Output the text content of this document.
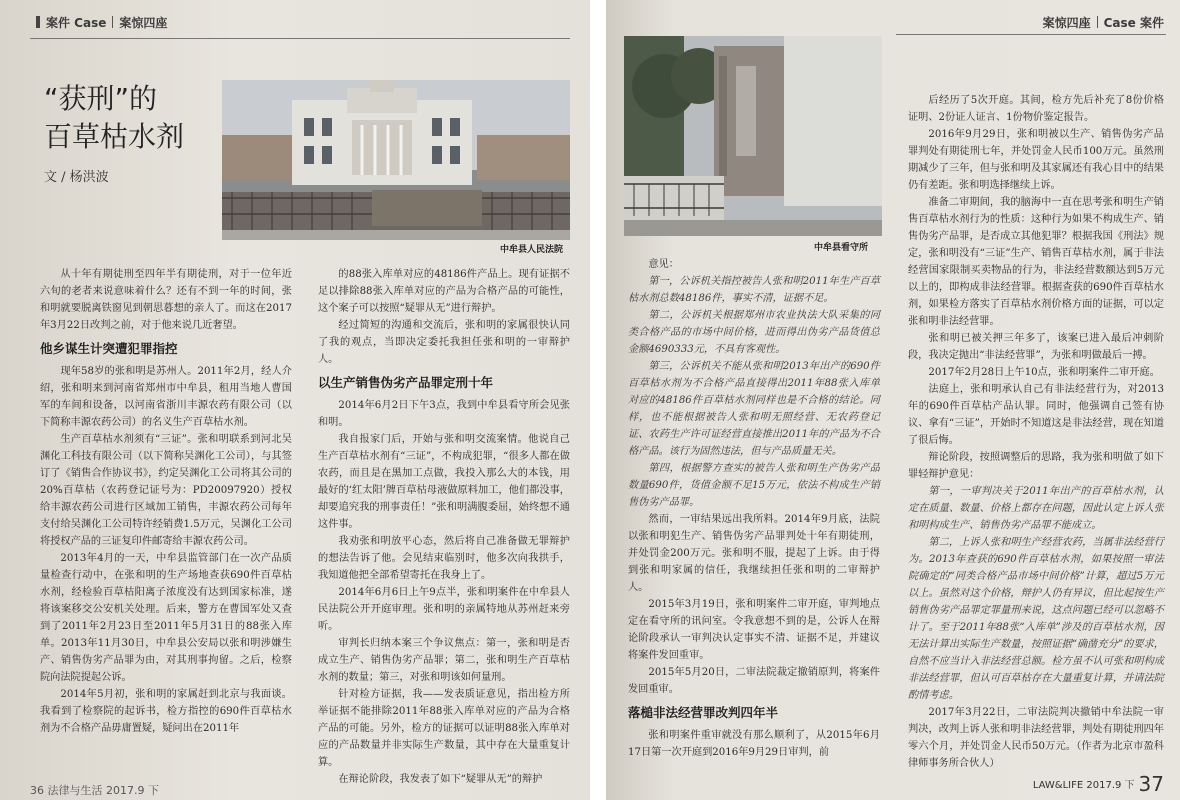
案件 Case 案惊四座
“获刑”的
百草枯水剂
文 / 杨洪波
中牟县人民法院

从十年有期徒刑至四年半有期徒刑，对于一位年近六旬的老者来说意味着什么？还有不到一年的时间，张和明就要脱离铁窗见到朝思暮想的亲人了。而这在2017年3月22日改判之前，对于他来说几近奢望。

他乡谋生计突遭犯罪指控

现年58岁的张和明是苏州人。2011年2月，经人介绍，张和明来到河南省郑州市中牟县，租用当地人曹国军的车间和设备，以河南省浙川丰源农药有限公司（以下简称丰源农药公司）的名义生产百草枯水剂。

生产百草枯水剂须有“三证”。张和明联系到河北吴渊化工科技有限公司（以下简称吴渊化工公司），与其签订了《销售合作协议书》，约定吴渊化工公司将其公司的20%百草枯（农药登记证号为：PD20097920）授权给丰源农药公司进行区域加工销售，丰源农药公司每年支付给吴渊化工公司特许经销费1.5万元，吴渊化工公司将授权产品的三证复印件邮寄给丰源农药公司。

2013年4月的一天，中牟县监管部门在一次产品质量检查行动中，在张和明的生产场地查获690件百草枯水剂，经检验百草枯阳离子浓度没有达到国家标准，遂将该案移交公安机关处理。后来，警方在曹国军处又查到了2011年2月23日至2011年5月31日的88张入库单。2013年11月30日，中牟县公安局以张和明涉嫌生产、销售伪劣产品罪为由，对其刑事拘留。之后，检察院向法院提起公诉。

2014年5月初，张和明的家属赶到北京与我面谈。我看到了检察院的起诉书，检方指控的690件百草枯水剂为不合格产品毋庸置疑，疑问出在2011年

的88张入库单对应的48186件产品上。现有证据不足以排除88张入库单对应的产品为合格产品的可能性，这个案子可以按照“疑罪从无”进行辩护。

经过简短的沟通和交流后，张和明的家属很快认同了我的观点，当即决定委托我担任张和明的一审辩护人。

以生产销售伪劣产品罪定刑十年

2014年6月2日下午3点，我到中牟县看守所会见张和明。

我自报家门后，开始与张和明交流案情。他说自己生产百草枯水剂有“三证”，不构成犯罪，“很多人都在做农药，而且是在黑加工点做，我投入那么大的本钱，用最好的‘红太阳’牌百草枯母液做原料加工，他们都没事，却要追究我的刑事责任！”张和明满腹委屈，始终想不通这件事。

我劝张和明放平心态，然后将自己准备做无罪辩护的想法告诉了他。会见结束临别时，他多次向我拱手，我知道他把全部希望寄托在我身上了。

2014年6月6日上午9点半，张和明案件在中牟县人民法院公开开庭审理。张和明的亲属特地从苏州赶来旁听。

审判长归纳本案三个争议焦点：第一，张和明是否成立生产、销售伪劣产品罪；第二，张和明生产百草枯水剂的数量；第三，对张和明该如何量刑。

针对检方证据，我——发表质证意见，指出检方所举证据不能排除2011年88张入库单对应的产品为合格产品的可能。另外，检方的证据可以证明88张入库单对应的产品数量并非实际生产数量，其中存在大量重复计算。

在辩论阶段，我发表了如下“疑罪从无”的辩护

36 法律与生活 2017.9 下
案惊四座 Case 案件
中牟县看守所

意见：

第一，公诉机关指控被告人张和明2011年生产百草枯水剂总数48186件，事实不清，证据不足。

第二，公诉机关根据郑州市农业执法大队采集的同类合格产品的市场中间价格，进而得出伪劣产品货值总金额4690333元，不具有客观性。

第三，公诉机关不能从张和明2013年出产的690件百草枯水剂为不合格产品直接得出2011年88张入库单对应的48186件百草枯水剂同样也是不合格的结论。同样，也不能根据被告人张和明无照经营、无农药登记证、农药生产许可证经营直接推出2011年的产品为不合格产品。该行为固然违法，但与产品质量无关。

第四，根据警方查实的被告人张和明生产伪劣产品数量690件，货值金额不足15万元，依法不构成生产销售伪劣产品罪。

然而，一审结果远出我所料。2014年9月底，法院以张和明犯生产、销售伪劣产品罪判处十年有期徒刑，并处罚金200万元。张和明不服，提起了上诉。由于得到张和明家属的信任，我继续担任张和明的二审辩护人。

2015年3月19日，张和明案件二审开庭，审判地点定在看守所的讯问室。令我意想不到的是，公诉人在辩论阶段承认一审判决认定事实不清、证据不足，并建议将案件发回重审。

2015年5月20日，二审法院裁定撤销原判，将案件发回重审。

落槌非法经营罪改判四年半

张和明案件重审就没有那么顺利了，从2015年6月17日第一次开庭到2016年9月29日审判，前

后经历了5次开庭。其间，检方先后补充了8份价格证明、2份证人证言、1份物价鉴定报告。

2016年9月29日，张和明被以生产、销售伪劣产品罪判处有期徒刑七年，并处罚金人民币100万元。虽然刑期减少了三年，但与张和明及其家属还有我心目中的结果仍有差距。张和明选择继续上诉。

准备二审期间，我的脑海中一直在思考张和明生产销售百草枯水剂行为的性质：这种行为如果不构成生产、销售伪劣产品罪，是否成立其他犯罪？根据我国《刑法》规定，张和明没有“三证”生产、销售百草枯水剂，属于非法经营国家限制买卖物品的行为，非法经营数额达到5万元以上的，即构成非法经营罪。根据查获的690件百草枯水剂，如果检方落实了百草枯水剂价格方面的证据，可以定张和明非法经营罪。

张和明已被关押三年多了，该案已进入最后冲刺阶段，我决定抛出“非法经营罪”，为张和明做最后一搏。

2017年2月28日上午10点，张和明案件二审开庭。

法庭上，张和明承认自己有非法经营行为，对2013年的690件百草枯产品认罪。同时，他强调自己签有协议、拿有“三证”，开始时不知道这是非法经营，现在知道了很后悔。

辩论阶段，按照调整后的思路，我为张和明做了如下罪轻辩护意见：

第一，一审判决关于2011年出产的百草枯水剂，认定在质量、数量、价格上都存在问题，因此认定上诉人张和明构成生产、销售伪劣产品罪不能成立。

第二，上诉人张和明生产经营农药，当属非法经营行为。2013年查获的690件百草枯水剂，如果按照一审法院确定的“同类合格产品市场中间价格”计算，超过5万元以上。虽然对这个价格，辩护人仍有异议，但比起按生产销售伪劣产品罪定罪量刑来说，这点问题已经可以忽略不计了。至于2011年88张“入库单”涉及的百草枯水剂，因无法计算出实际生产数量，按照证据“确凿充分”的要求，自然不应当计入非法经营总额。检方虽不认可张和明构成非法经营罪，但认可百草枯存在大量重复计算，并请法院酌情考虑。

2017年3月22日，二审法院判决撤销中牟法院一审判决，改判上诉人张和明非法经营罪，判处有期徒刑四年零六个月，并处罚金人民币50万元。（作者为北京市盈科律师事务所合伙人）

LAW&LIFE 2017.9 下 37
